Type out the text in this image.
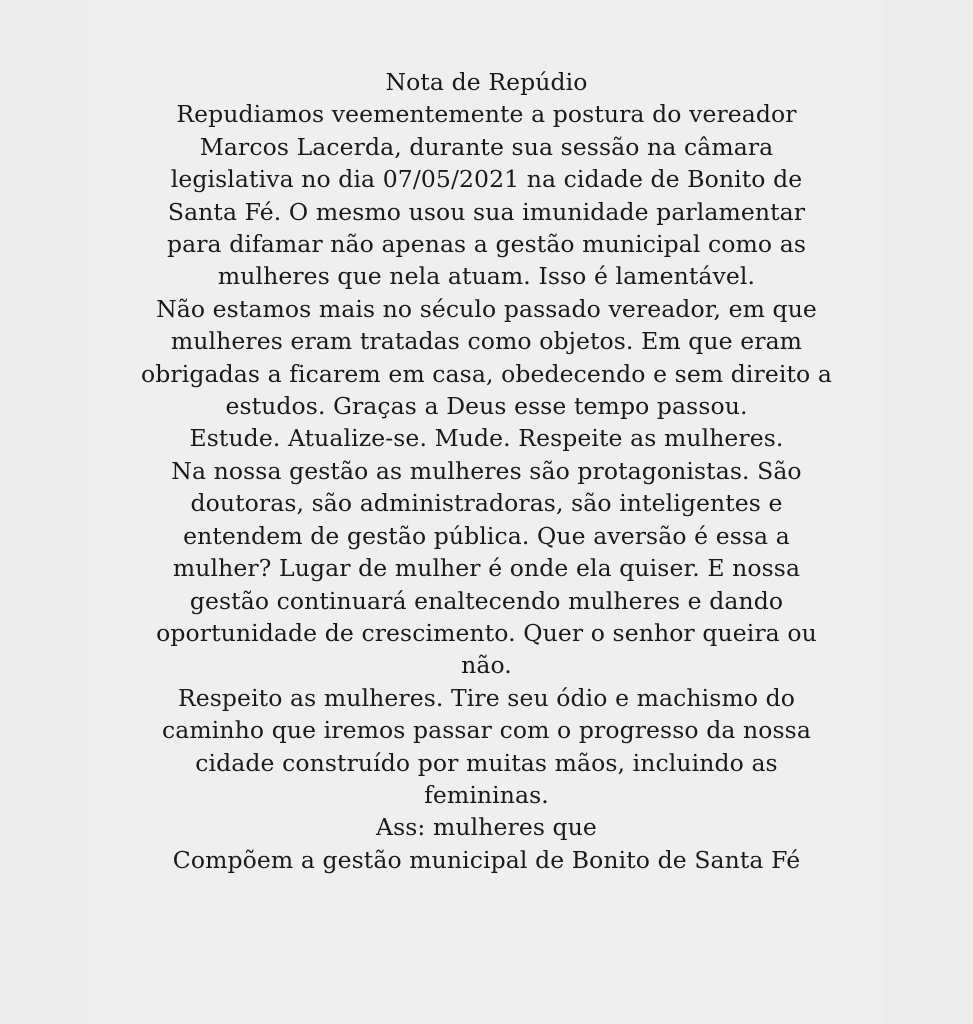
Nota de Repúdio
Repudiamos veementemente a postura do vereador
Marcos Lacerda, durante sua sessão na câmara
legislativa no dia 07/05/2021 na cidade de Bonito de
Santa Fé. O mesmo usou sua imunidade parlamentar
para difamar não apenas a gestão municipal como as
mulheres que nela atuam. Isso é lamentável.
Não estamos mais no século passado vereador, em que
mulheres eram tratadas como objetos. Em que eram
obrigadas a ficarem em casa, obedecendo e sem direito a
estudos. Graças a Deus esse tempo passou.
Estude. Atualize-se. Mude. Respeite as mulheres.
Na nossa gestão as mulheres são protagonistas. São
doutoras, são administradoras, são inteligentes e
entendem de gestão pública. Que aversão é essa a
mulher? Lugar de mulher é onde ela quiser. E nossa
gestão continuará enaltecendo mulheres e dando
oportunidade de crescimento. Quer o senhor queira ou
não.
Respeito as mulheres. Tire seu ódio e machismo do
caminho que iremos passar com o progresso da nossa
cidade construído por muitas mãos, incluindo as
femininas.
Ass: mulheres que
Compõem a gestão municipal de Bonito de Santa Fé
